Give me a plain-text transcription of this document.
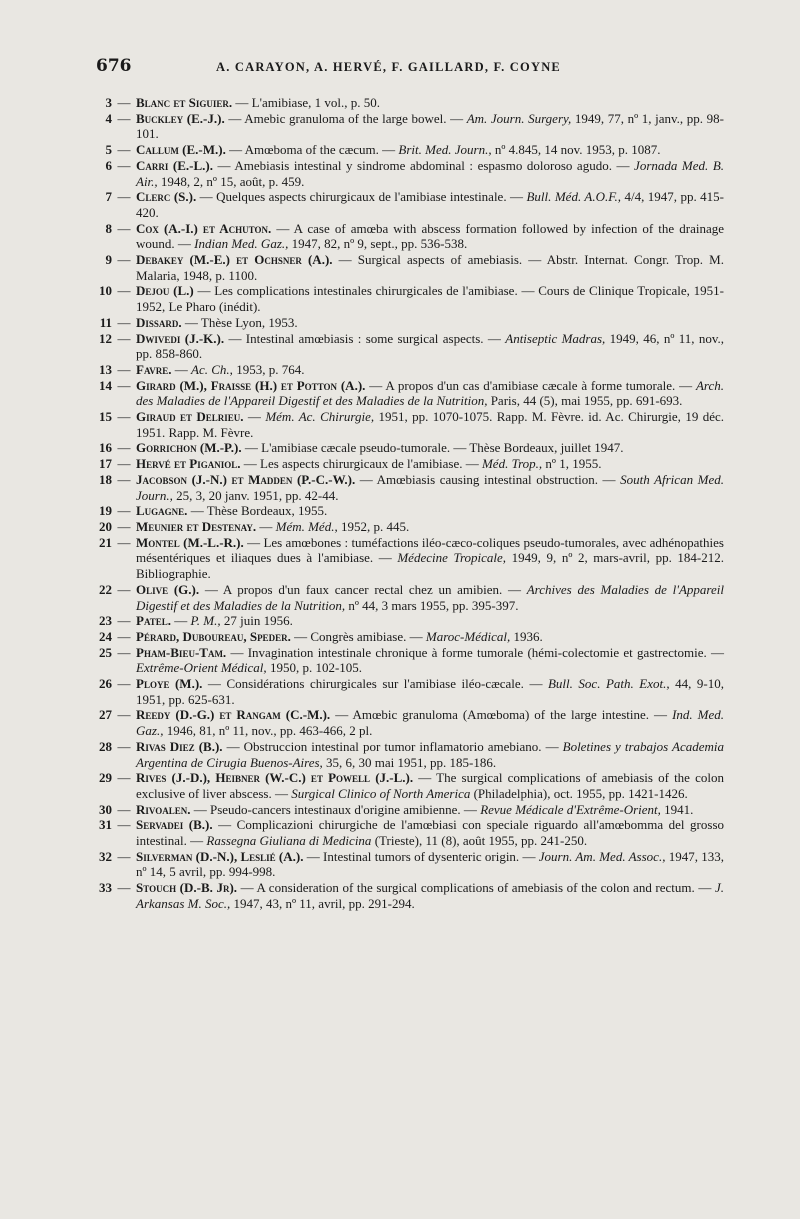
676	A. CARAYON, A. HERVÉ, F. GAILLARD, F. COYNE
3 — Blanc et Siguier. — L'amibiase, 1 vol., p. 50.
4 — Buckley (E.-J.). — Amebic granuloma of the large bowel. — Am. Journ. Surgery, 1949, 77, nº 1, janv., pp. 98-101.
5 — Callum (E.-M.). — Amœboma of the cæcum. — Brit. Med. Journ., nº 4.845, 14 nov. 1953, p. 1087.
6 — Carri (E.-L.). — Amebiasis intestinal y sindrome abdominal : espasmo doloroso agudo. — Jornada Med. B. Air., 1948, 2, nº 15, août, p. 459.
7 — Clerc (S.). — Quelques aspects chirurgicaux de l'amibiase intestinale. — Bull. Méd. A.O.F., 4/4, 1947, pp. 415-420.
8 — Cox (A.-I.) et Achuton. — A case of amœba with abscess formation followed by infection of the drainage wound. — Indian Med. Gaz., 1947, 82, nº 9, sept., pp. 536-538.
9 — Debakey (M.-E.) et Ochsner (A.). — Surgical aspects of amebiasis. — Abstr. Internat. Congr. Trop. M. Malaria, 1948, p. 1100.
10 — Dejou (L.) — Les complications intestinales chirurgicales de l'amibiase. — Cours de Clinique Tropicale, 1951-1952, Le Pharo (inédit).
11 — Dissard. — Thèse Lyon, 1953.
12 — Dwivedi (J.-K.). — Intestinal amœbiasis : some surgical aspects. — Antiseptic Madras, 1949, 46, nº 11, nov., pp. 858-860.
13 — Favre. — Ac. Ch., 1953, p. 764.
14 — Girard (M.), Fraisse (H.) et Potton (A.). — A propos d'un cas d'amibiase cæcale à forme tumorale. — Arch. des Maladies de l'Appareil Digestif et des Maladies de la Nutrition, Paris, 44 (5), mai 1955, pp. 691-693.
15 — Giraud et Delrieu. — Mém. Ac. Chirurgie, 1951, pp. 1070-1075. Rapp. M. Fèvre. id. Ac. Chirurgie, 19 déc. 1951. Rapp. M. Fèvre.
16 — Gorrichon (M.-P.). — L'amibiase cæcale pseudo-tumorale. — Thèse Bordeaux, juillet 1947.
17 — Hervé et Piganiol. — Les aspects chirurgicaux de l'amibiase. — Méd. Trop., nº 1, 1955.
18 — Jacobson (J.-N.) et Madden (P.-C.-W.). — Amœbiasis causing intestinal obstruction. — South African Med. Journ., 25, 3, 20 janv. 1951, pp. 42-44.
19 — Lugagne. — Thèse Bordeaux, 1955.
20 — Meunier et Destenay. — Mém. Méd., 1952, p. 445.
21 — Montel (M.-L.-R.). — Les amœbones : tuméfactions iléo-cæco-coliques pseudo-tumorales, avec adhénopathies mésentériques et iliaques dues à l'amibiase. — Médecine Tropicale, 1949, 9, nº 2, mars-avril, pp. 184-212. Bibliographie.
22 — Olive (G.). — A propos d'un faux cancer rectal chez un amibien. — Archives des Maladies de l'Appareil Digestif et des Maladies de la Nutrition, nº 44, 3 mars 1955, pp. 395-397.
23 — Patel. — P. M., 27 juin 1956.
24 — Pérard, Duboureau, Speder. — Congrès amibiase. — Maroc-Médical, 1936.
25 — Pham-Bieu-Tam. — Invagination intestinale chronique à forme tumorale (hémi-colectomie et gastrectomie. — Extrême-Orient Médical, 1950, p. 102-105.
26 — Ploye (M.). — Considérations chirurgicales sur l'amibiase iléo-cæcale. — Bull. Soc. Path. Exot., 44, 9-10, 1951, pp. 625-631.
27 — Reedy (D.-G.) et Rangam (C.-M.). — Amœbic granuloma (Amœboma) of the large intestine. — Ind. Med. Gaz., 1946, 81, nº 11, nov., pp. 463-466, 2 pl.
28 — Rivas Diez (B.). — Obstruccion intestinal por tumor inflamatorio amebiano. — Boletines y trabajos Academia Argentina de Cirugia Buenos-Aires, 35, 6, 30 mai 1951, pp. 185-186.
29 — Rives (J.-D.), Heibner (W.-C.) et Powell (J.-L.). — The surgical complications of amebiasis of the colon exclusive of liver abscess. — Surgical Clinico of North America (Philadelphia), oct. 1955, pp. 1421-1426.
30 — Rivoalen. — Pseudo-cancers intestinaux d'origine amibienne. — Revue Médicale d'Extrême-Orient, 1941.
31 — Servadei (B.). — Complicazioni chirurgiche de l'amœbiasi con speciale riguardo all'amœbomma del grosso intestinal. — Rassegna Giuliana di Medicina (Trieste), 11 (8), août 1955, pp. 241-250.
32 — Silverman (D.-N.), Leslié (A.). — Intestinal tumors of dysenteric origin. — Journ. Am. Med. Assoc., 1947, 133, nº 14, 5 avril, pp. 994-998.
33 — Stouch (D.-B. Jr). — A consideration of the surgical complications of amebiasis of the colon and rectum. — J. Arkansas M. Soc., 1947, 43, nº 11, avril, pp. 291-294.
